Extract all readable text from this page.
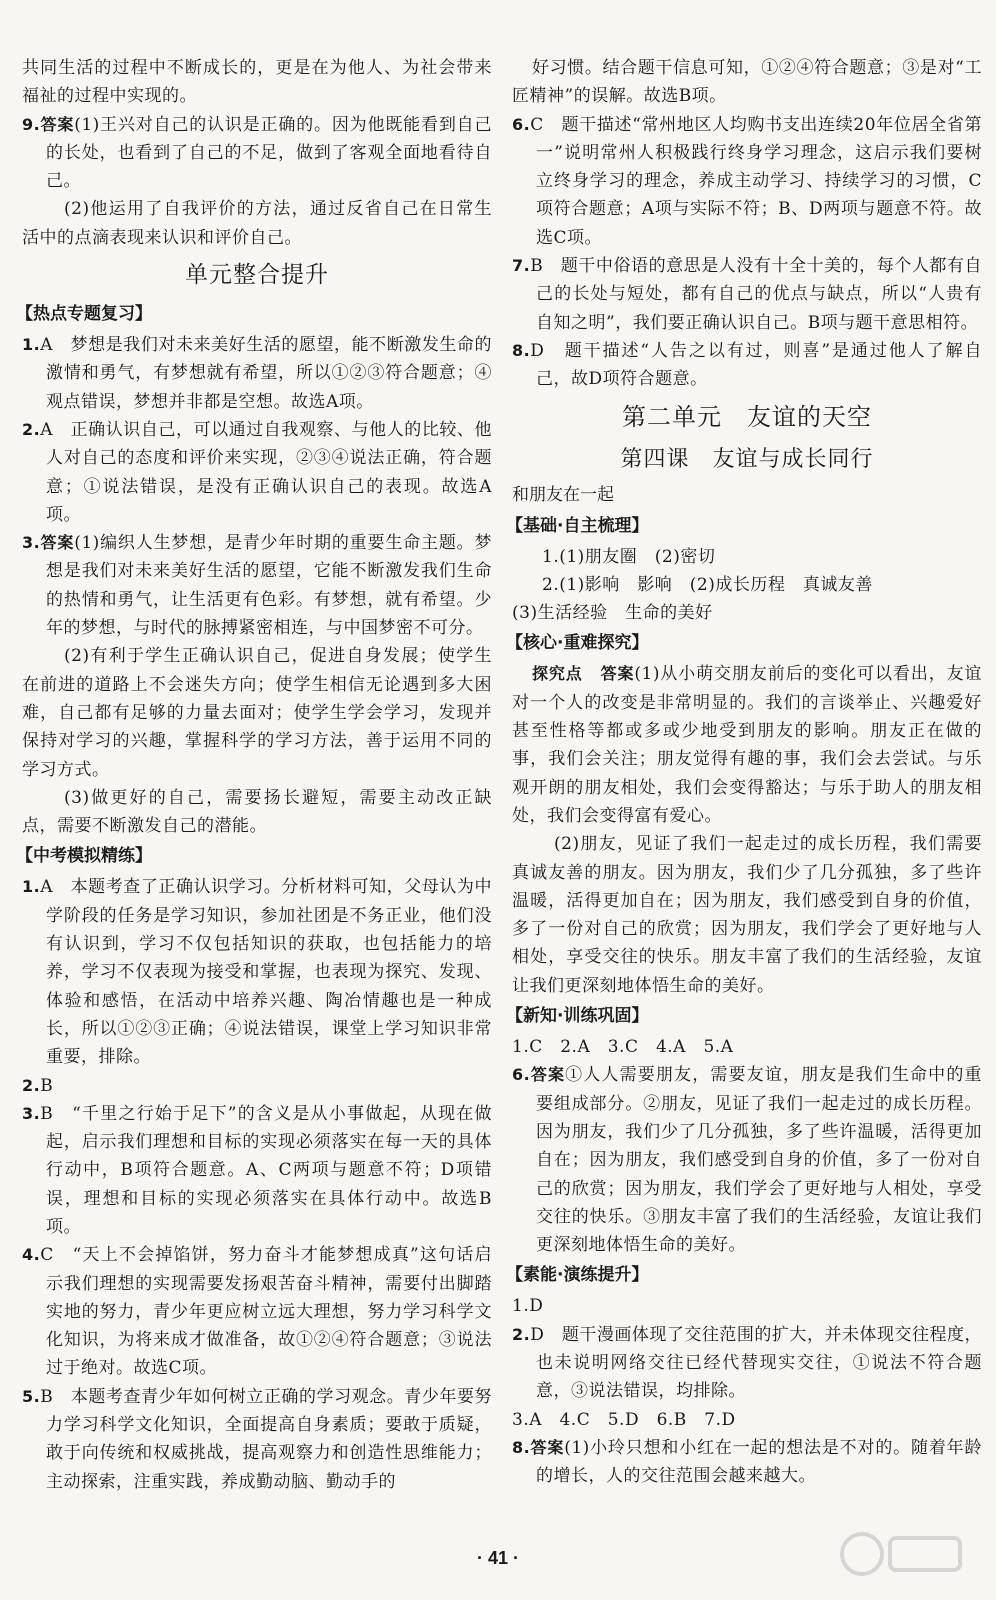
共同生活的过程中不断成长的，更是在为他人、为社会带来福祉的过程中实现的。

9.答案(1)王兴对自己的认识是正确的。因为他既能看到自己的长处，也看到了自己的不足，做到了客观全面地看待自己。

(2)他运用了自我评价的方法，通过反省自己在日常生活中的点滴表现来认识和评价自己。

单元整合提升
【热点专题复习】

1.A　梦想是我们对未来美好生活的愿望，能不断激发生命的激情和勇气，有梦想就有希望，所以①②③符合题意；④观点错误，梦想并非都是空想。故选A项。

2.A　正确认识自己，可以通过自我观察、与他人的比较、他人对自己的态度和评价来实现，②③④说法正确，符合题意；①说法错误，是没有正确认识自己的表现。故选A项。

3.答案(1)编织人生梦想，是青少年时期的重要生命主题。梦想是我们对未来美好生活的愿望，它能不断激发我们生命的热情和勇气，让生活更有色彩。有梦想，就有希望。少年的梦想，与时代的脉搏紧密相连，与中国梦密不可分。

(2)有利于学生正确认识自己，促进自身发展；使学生在前进的道路上不会迷失方向；使学生相信无论遇到多大困难，自己都有足够的力量去面对；使学生学会学习，发现并保持对学习的兴趣，掌握科学的学习方法，善于运用不同的学习方式。

(3)做更好的自己，需要扬长避短，需要主动改正缺点，需要不断激发自己的潜能。

【中考模拟精练】

1.A　本题考查了正确认识学习。分析材料可知，父母认为中学阶段的任务是学习知识，参加社团是不务正业，他们没有认识到，学习不仅包括知识的获取，也包括能力的培养，学习不仅表现为接受和掌握，也表现为探究、发现、体验和感悟，在活动中培养兴趣、陶冶情趣也是一种成长，所以①②③正确；④说法错误，课堂上学习知识非常重要，排除。

2.B

3.B　“千里之行始于足下”的含义是从小事做起，从现在做起，启示我们理想和目标的实现必须落实在每一天的具体行动中，B项符合题意。A、C两项与题意不符；D项错误，理想和目标的实现必须落实在具体行动中。故选B项。

4.C　“天上不会掉馅饼，努力奋斗才能梦想成真”这句话启示我们理想的实现需要发扬艰苦奋斗精神，需要付出脚踏实地的努力，青少年更应树立远大理想，努力学习科学文化知识，为将来成才做准备，故①②④符合题意；③说法过于绝对。故选C项。

5.B　本题考查青少年如何树立正确的学习观念。青少年要努力学习科学文化知识，全面提高自身素质；要敢于质疑，敢于向传统和权威挑战，提高观察力和创造性思维能力；主动探索，注重实践，养成勤动脑、勤动手的

好习惯。结合题干信息可知，①②④符合题意；③是对“工匠精神”的误解。故选B项。

6.C　题干描述“常州地区人均购书支出连续20年位居全省第一”说明常州人积极践行终身学习理念，这启示我们要树立终身学习的理念，养成主动学习、持续学习的习惯，C项符合题意；A项与实际不符；B、D两项与题意不符。故选C项。

7.B　题干中俗语的意思是人没有十全十美的，每个人都有自己的长处与短处，都有自己的优点与缺点，所以“人贵有自知之明”，我们要正确认识自己。B项与题干意思相符。

8.D　题干描述“人告之以有过，则喜”是通过他人了解自己，故D项符合题意。

第二单元　友谊的天空
第四课　友谊与成长同行
和朋友在一起
【基础·自主梳理】

1.(1)朋友圈　(2)密切

2.(1)影响　影响　(2)成长历程　真诚友善

(3)生活经验　生命的美好

【核心·重难探究】

探究点　 答案(1)从小萌交朋友前后的变化可以看出，友谊对一个人的改变是非常明显的。我们的言谈举止、兴趣爱好甚至性格等都或多或少地受到朋友的影响。朋友正在做的事，我们会关注；朋友觉得有趣的事，我们会去尝试。与乐观开朗的朋友相处，我们会变得豁达；与乐于助人的朋友相处，我们会变得富有爱心。

(2)朋友，见证了我们一起走过的成长历程，我们需要真诚友善的朋友。因为朋友，我们少了几分孤独，多了些许温暖，活得更加自在；因为朋友，我们感受到自身的价值，多了一份对自己的欣赏；因为朋友，我们学会了更好地与人相处，享受交往的快乐。朋友丰富了我们的生活经验，友谊让我们更深刻地体悟生命的美好。

【新知·训练巩固】

1.C　2.A　3.C　4.A　5.A

6.答案①人人需要朋友，需要友谊，朋友是我们生命中的重要组成部分。②朋友，见证了我们一起走过的成长历程。因为朋友，我们少了几分孤独，多了些许温暖，活得更加自在；因为朋友，我们感受到自身的价值，多了一份对自己的欣赏；因为朋友，我们学会了更好地与人相处，享受交往的快乐。③朋友丰富了我们的生活经验，友谊让我们更深刻地体悟生命的美好。

【素能·演练提升】

1.D

2.D　题干漫画体现了交往范围的扩大，并未体现交往程度，也未说明网络交往已经代替现实交往，①说法不符合题意，③说法错误，均排除。

3.A　4.C　5.D　6.B　7.D

8.答案(1)小玲只想和小红在一起的想法是不对的。随着年龄的增长，人的交往范围会越来越大。

· 41 ·
